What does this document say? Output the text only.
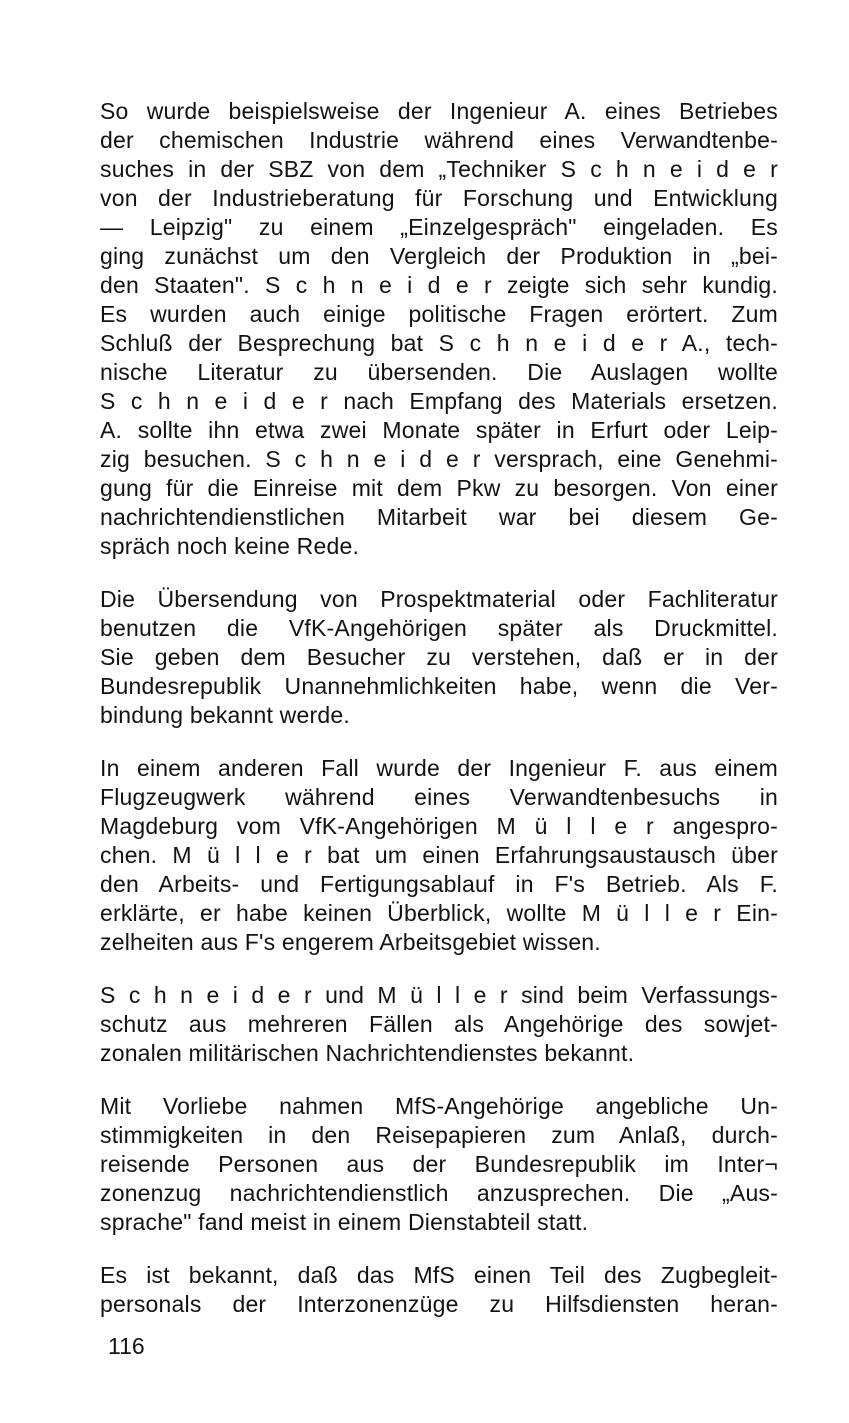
So wurde beispielsweise der Ingenieur A. eines Betriebes
der chemischen Industrie während eines Verwandtenbe-
suches in der SBZ von dem „Techniker S c h n e i d e r
von der Industrieberatung für Forschung und Entwicklung
— Leipzig" zu einem „Einzelgespräch" eingeladen. Es
ging zunächst um den Vergleich der Produktion in „bei-
den Staaten". S c h n e i d e r zeigte sich sehr kundig.
Es wurden auch einige politische Fragen erörtert. Zum
Schluß der Besprechung bat S c h n e i d e r A., tech-
nische Literatur zu übersenden. Die Auslagen wollte
S c h n e i d e r nach Empfang des Materials ersetzen.
A. sollte ihn etwa zwei Monate später in Erfurt oder Leip-
zig besuchen. S c h n e i d e r versprach, eine Genehmi-
gung für die Einreise mit dem Pkw zu besorgen. Von einer
nachrichtendienstlichen Mitarbeit war bei diesem Ge-
spräch noch keine Rede.
Die Übersendung von Prospektmaterial oder Fachliteratur
benutzen die VfK-Angehörigen später als Druckmittel.
Sie geben dem Besucher zu verstehen, daß er in der
Bundesrepublik Unannehmlichkeiten habe, wenn die Ver-
bindung bekannt werde.
In einem anderen Fall wurde der Ingenieur F. aus einem
Flugzeugwerk während eines Verwandtenbesuchs in
Magdeburg vom VfK-Angehörigen M ü l l e r angespro-
chen. M ü l l e r bat um einen Erfahrungsaustausch über
den Arbeits- und Fertigungsablauf in F's Betrieb. Als F.
erklärte, er habe keinen Überblick, wollte M ü l l e r Ein-
zelheiten aus F's engerem Arbeitsgebiet wissen.
S c h n e i d e r und M ü l l e r sind beim Verfassungs-
schutz aus mehreren Fällen als Angehörige des sowjet-
zonalen militärischen Nachrichtendienstes bekannt.
Mit Vorliebe nahmen MfS-Angehörige angebliche Un-
stimmigkeiten in den Reisepapieren zum Anlaß, durch-
reisende Personen aus der Bundesrepublik im Inter¬
zonenzug nachrichtendienstlich anzusprechen. Die „Aus-
sprache" fand meist in einem Dienstabteil statt.
Es ist bekannt, daß das MfS einen Teil des Zugbegleit-
personals der Interzonenzüge zu Hilfsdiensten heran-
116
